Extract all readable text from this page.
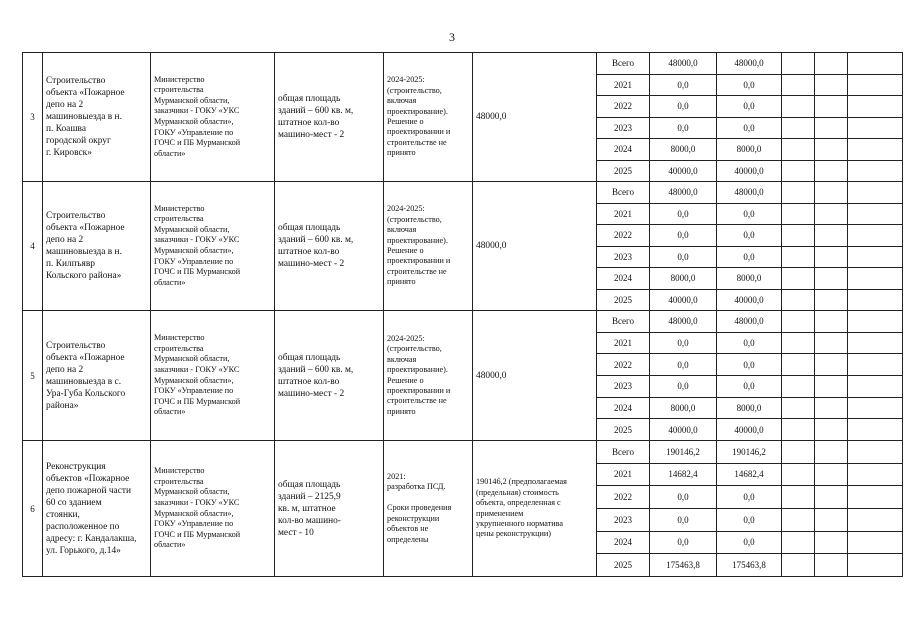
3
3	Строительство
объекта «Пожарное
депо на 2
машиновыезда в н.
п. Коашва
городской округ
г. Кировск»	Министерство
строительства
Мурманской области,
заказчики - ГОКУ «УКС
Мурманской области»,
ГОКУ «Управление по
ГОЧС и ПБ Мурманской
области»	общая площадь
зданий – 600 кв. м,
штатное кол-во
машино-мест - 2	2024-2025:
(строительство,
включая
проектирование).
Решение о
проектировании и
строительстве не
принято	48000,0	
Всего	48000,0	48000,0			
2021	0,0	0,0			
2022	0,0	0,0			
2023	0,0	0,0			
2024	8000,0	8000,0			
2025	40000,0	40000,0			

4	Строительство
объекта «Пожарное
депо на 2
машиновыезда в н.
п. Килпъявр
Кольского района»	Министерство
строительства
Мурманской области,
заказчики - ГОКУ «УКС
Мурманской области»,
ГОКУ «Управление по
ГОЧС и ПБ Мурманской
области»	общая площадь
зданий – 600 кв. м,
штатное кол-во
машино-мест - 2	2024-2025:
(строительство,
включая
проектирование).
Решение о
проектировании и
строительстве не
принято	48000,0	
Всего	48000,0	48000,0			
2021	0,0	0,0			
2022	0,0	0,0			
2023	0,0	0,0			
2024	8000,0	8000,0			
2025	40000,0	40000,0			

5	Строительство
объекта «Пожарное
депо на 2
машиновыезда в с.
Ура-Губа Кольского
района»	Министерство
строительства
Мурманской области,
заказчики - ГОКУ «УКС
Мурманской области»,
ГОКУ «Управление по
ГОЧС и ПБ Мурманской
области»	общая площадь
зданий – 600 кв. м,
штатное кол-во
машино-мест - 2	2024-2025:
(строительство,
включая
проектирование).
Решение о
проектировании и
строительстве не
принято	48000,0	
Всего	48000,0	48000,0			
2021	0,0	0,0			
2022	0,0	0,0			
2023	0,0	0,0			
2024	8000,0	8000,0			
2025	40000,0	40000,0			

6	Реконструкция
объектов «Пожарное
депо пожарной части
60 со зданием
стоянки,
расположенное по
адресу: г. Кандалакша,
ул. Горького, д.14»	Министерство
строительства
Мурманской области,
заказчики - ГОКУ «УКС
Мурманской области»,
ГОКУ «Управление по
ГОЧС и ПБ Мурманской
области»	общая площадь
зданий – 2125,9
кв. м, штатное
кол-во машино-
мест - 10	2021:
разработка ПСД.

Сроки проведения
реконструкции
объектов не
определены	190146,2 (предполагаемая
(предельная) стоимость
объекта, определенная с
применением
укрупненного норматива
цены реконструкции)	
Всего	190146,2	190146,2			
2021	14682,4	14682,4			
2022	0,0	0,0			
2023	0,0	0,0			
2024	0,0	0,0			
2025	175463,8	175463,8			
